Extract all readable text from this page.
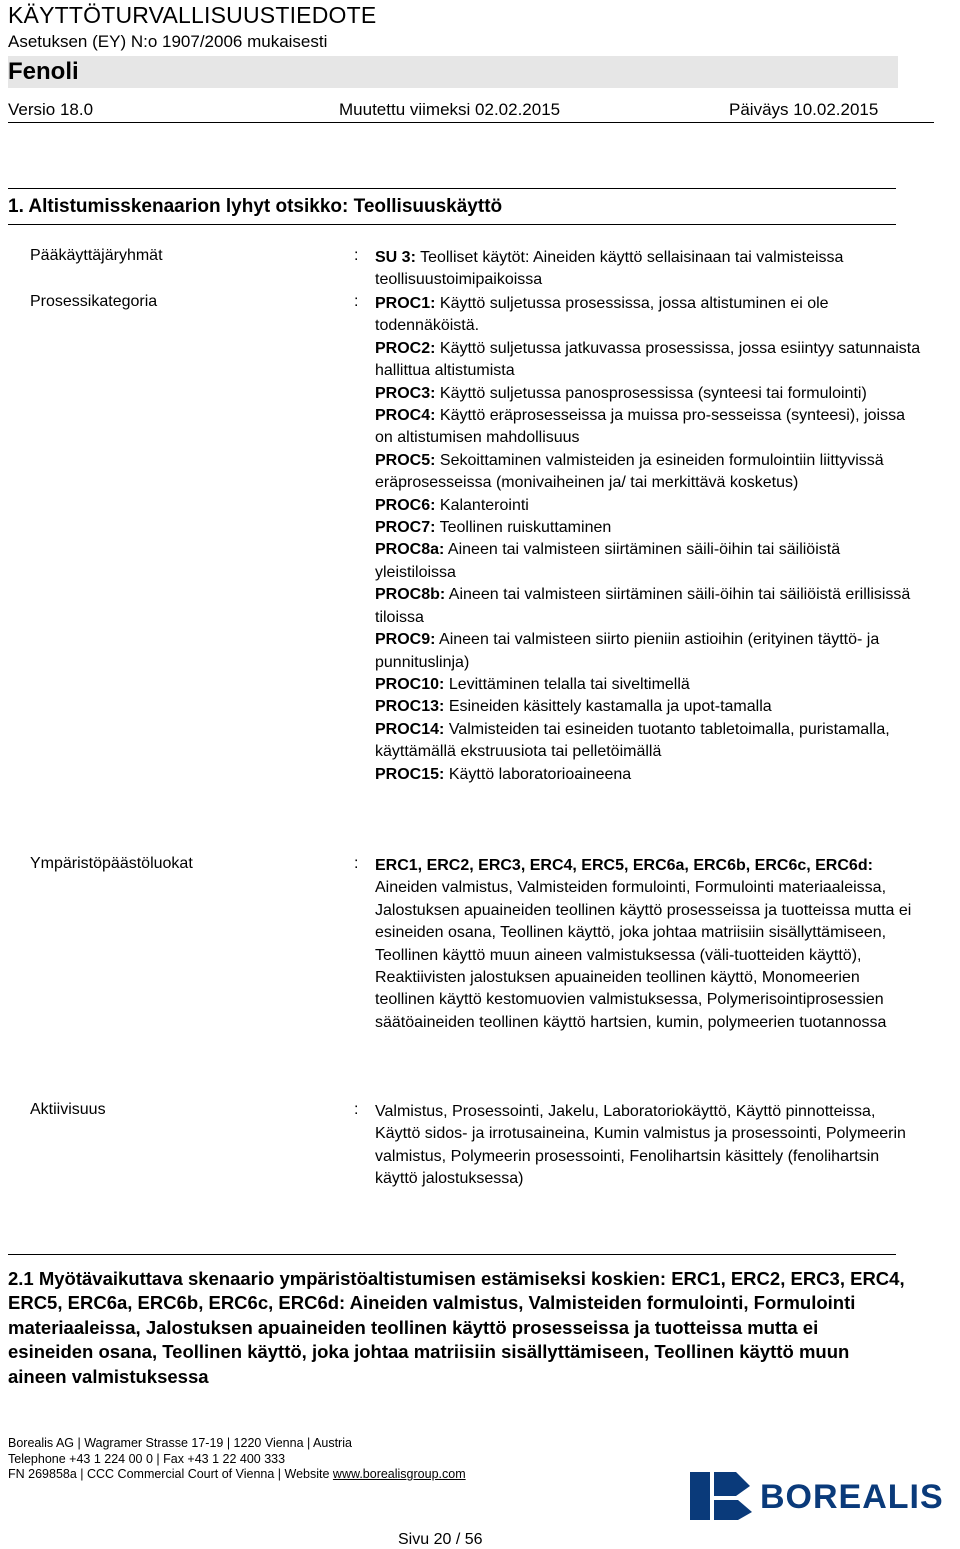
KÄYTTÖTURVALLISUUSTIEDOTE
Asetuksen (EY) N:o 1907/2006 mukaisesti
Fenoli
Versio 18.0	Muutettu viimeksi 02.02.2015	Päiväys 10.02.2015
1. Altistumisskenaarion lyhyt otsikko: Teollisuuskäyttö
Pääkäyttäjäryhmät	: SU 3: Teolliset käytöt: Aineiden käyttö sellaisinaan tai valmisteissa teollisuustoimipaikoissa

Prosessikategoria	: PROC1: Käyttö suljetussa prosessissa, jossa altistuminen ei ole todennäköistä.

PROC2: Käyttö suljetussa jatkuvassa prosessissa, jossa esiintyy satunnaista hallittua altistumista

PROC3: Käyttö suljetussa panosprosessissa (synteesi tai formulointi)

PROC4: Käyttö eräprosesseissa ja muissa pro-sesseissa (synteesi), joissa on altistumisen mahdollisuus

PROC5: Sekoittaminen valmisteiden ja esineiden formulointiin liittyvissä eräprosesseissa (monivaiheinen ja/ tai merkittävä kosketus)

PROC6: Kalanterointi

PROC7: Teollinen ruiskuttaminen

PROC8a: Aineen tai valmisteen siirtäminen säili-öihin tai säiliöistä yleistiloissa

PROC8b: Aineen tai valmisteen siirtäminen säili-öihin tai säiliöistä erillisissä tiloissa

PROC9: Aineen tai valmisteen siirto pieniin astioihin (erityinen täyttö- ja punnituslinja)

PROC10: Levittäminen telalla tai siveltimellä

PROC13: Esineiden käsittely kastamalla ja upot-tamalla

PROC14: Valmisteiden tai esineiden tuotanto tabletoimalla, puristamalla, käyttämällä ekstruusiota tai pelletöimällä

PROC15: Käyttö laboratorioaineena

Ympäristöpäästöluokat	: ERC1, ERC2, ERC3, ERC4, ERC5, ERC6a, ERC6b, ERC6c, ERC6d: Aineiden valmistus, Valmisteiden formulointi, Formulointi materiaaleissa, Jalostuksen apuaineiden teollinen käyttö prosesseissa ja tuotteissa mutta ei esineiden osana, Teollinen käyttö, joka johtaa matriisiin sisällyttämiseen, Teollinen käyttö muun aineen valmistuksessa (väli-tuotteiden käyttö), Reaktiivisten jalostuksen apuaineiden teollinen käyttö, Monomeerien teollinen käyttö kestomuovien valmistuksessa, Polymerisointiprosessien säätöaineiden teollinen käyttö hartsien, kumin, polymeerien tuotannossa

Aktiivisuus	: Valmistus, Prosessointi, Jakelu, Laboratoriokäyttö, Käyttö pinnotteissa, Käyttö sidos- ja irrotusaineina, Kumin valmistus ja prosessointi, Polymeerin valmistus, Polymeerin prosessointi, Fenolihartsin käsittely (fenolihartsin käyttö jalostuksessa)
2.1 Myötävaikuttava skenaario ympäristöaltistumisen estämiseksi koskien: ERC1, ERC2, ERC3, ERC4, ERC5, ERC6a, ERC6b, ERC6c, ERC6d: Aineiden valmistus, Valmisteiden formulointi, Formulointi materiaaleissa, Jalostuksen apuaineiden teollinen käyttö prosesseissa ja tuotteissa mutta ei esineiden osana, Teollinen käyttö, joka johtaa matriisiin sisällyttämiseen, Teollinen käyttö muun aineen valmistuksessa
Borealis AG | Wagramer Strasse 17-19 | 1220 Vienna | Austria
Telephone +43 1 224 00 0 | Fax +43 1 22 400 333
FN 269858a | CCC Commercial Court of Vienna | Website www.borealisgroup.com
BOREALIS
Sivu 20 / 56
